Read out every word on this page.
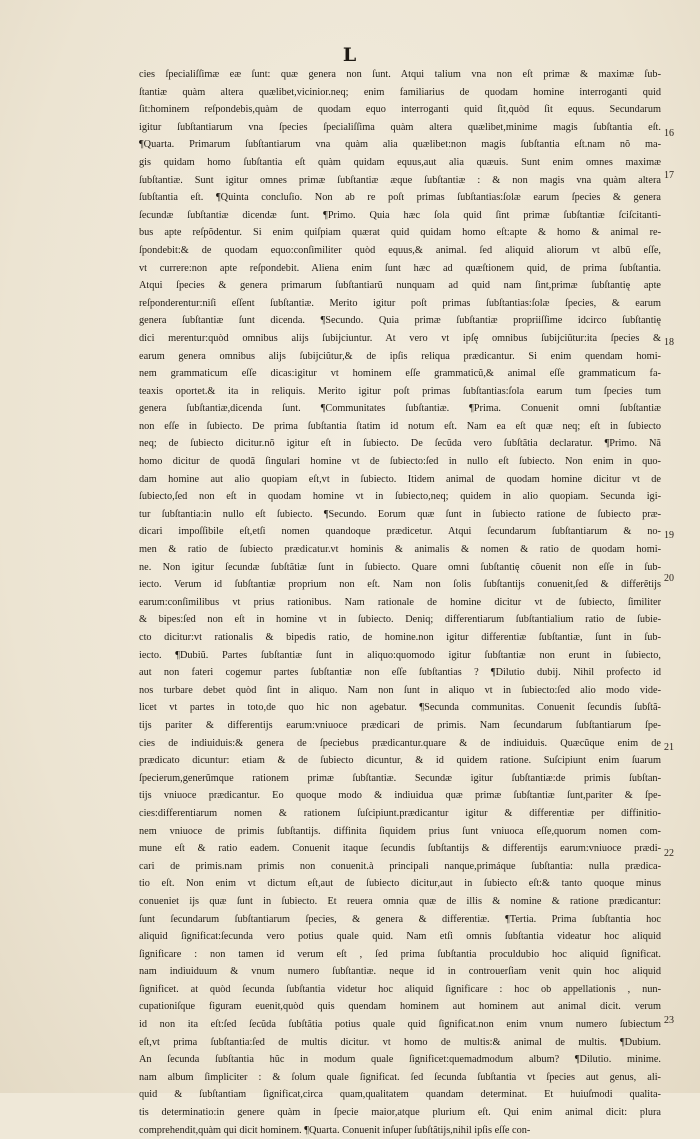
L
cies ſpecialiſſimæ eæ ſunt: quæ genera non ſunt. Atqui talium vna non eſt primæ & maximæ ſub-
ſtantiæ quàm altera quælibet,vicinior.neq; enim familiarius de quodam homine interroganti quid
ſit:hominem reſpondebis,quàm de quodam equo interroganti quid ſit,quòd ſit equus. Secundarum
igitur ſubſtantiarum vna ſpecies ſpecialiſſima quàm altera quælibet,minime magis ſubſtantia eſt.
¶Quarta. Primarum ſubſtantiarum vna quàm alia quælibet:non magis ſubſtantia eſt.nam nõ ma-
gis quidam homo ſubſtantia eſt quàm quidam equus,aut alia quæuis. Sunt enim omnes maximæ
ſubſtantiæ. Sunt igitur omnes primæ ſubſtantiæ æque ſubſtantiæ : & non magis vna quàm altera
ſubſtantia eſt. ¶Quinta concluſio. Non ab re poſt primas ſubſtantias:ſolæ earum ſpecies & genera
ſecundæ ſubſtantiæ dicendæ ſunt. ¶Primo. Quia hæc ſola quid ſint primæ ſubſtantiæ ſciſcitanti-
bus apte reſpõdentur. Si enim quiſpiam quærat quid quidam homo eſt:apte & homo & animal re-
ſpondebit:& de quodam equo:conſimiliter quòd equus,& animal. ſed aliquid aliorum vt albũ eſſe,
vt currere:non apte reſpondebit. Aliena enim ſunt hæc ad quæſtionem quid, de prima ſubſtantia.
Atqui ſpecies & genera primarum ſubſtantiarũ nunquam ad quid nam ſint,primæ ſubſtantię apte
reſponderentur:niſi eſſent ſubſtantiæ. Merito igitur poſt primas ſubſtantias:ſolæ ſpecies, & earum
genera ſubſtantiæ ſunt dicenda. ¶Secundo. Quia primæ ſubſtantiæ propriiſſime idcirco ſubſtantię
dici merentur:quòd omnibus alijs ſubijciuntur. At vero vt ipſę omnibus ſubijciũtur:ita ſpecies &
earum genera omnibus alijs ſubijciũtur,& de ipſis reliqua prædicantur. Si enim quendam homi-
nem grammaticum eſſe dicas:igitur vt hominem eſſe grammaticũ,& animal eſſe grammaticum fa-
teaxis oportet.& ita in reliquis. Merito igitur poſt primas ſubſtantias:ſola earum tum ſpecies tum
genera ſubſtantiæ,dicenda ſunt. ¶Communitates ſubſtantiæ. ¶Prima. Conuenit omni ſubſtantiæ
non eſſe in ſubiecto. De prima ſubſtantia ſtatim id notum eſt. Nam ea eſt quæ neq; eſt in ſubiecto
neq; de ſubiecto dicitur.nõ igitur eſt in ſubiecto. De ſecũda vero ſubſtãtia declaratur. ¶Primo. Nã
homo dicitur de quodã ſingulari homine vt de ſubiecto:ſed in nullo eſt ſubiecto. Non enim in quo-
dam homine aut alio quopiam eſt,vt in ſubiecto. Itidem animal de quodam homine dicitur vt de
ſubiecto,ſed non eſt in quodam homine vt in ſubiecto,neq; quidem in alio quopiam. Secunda igi-
tur ſubſtantia:in nullo eſt ſubiecto. ¶Secundo. Eorum quæ ſunt in ſubiecto ratione de ſubiecto præ-
dicari impoſſibile eſt,etſi nomen quandoque prædicetur. Atqui ſecundarum ſubſtantiarum & no-
men & ratio de ſubiecto prædicatur.vt hominis & animalis & nomen & ratio de quodam homi-
ne. Non igitur ſecundæ ſubſtãtiæ ſunt in ſubiecto. Quare omni ſubſtantię cõuenit non eſſe in ſub-
iecto. Verum id ſubſtantiæ proprium non eſt. Nam non ſolis ſubſtantijs conuenit,ſed & differẽtijs
earum:conſimilibus vt prius rationibus. Nam rationale de homine dicitur vt de ſubiecto, ſimiliter
& bipes:ſed non eſt in homine vt in ſubiecto. Deniq; differentiarum ſubſtantialium ratio de ſubie-
cto dicitur:vt rationalis & bipedis ratio, de homine.non igitur differentiæ ſubſtantiæ, ſunt in ſub-
iecto. ¶Dubiũ. Partes ſubſtantiæ ſunt in aliquo:quomodo igitur ſubſtantiæ non erunt in ſubiecto,
aut non fateri cogemur partes ſubſtantiæ non eſſe ſubſtantias ? ¶Dilutio dubij. Nihil profecto id
nos turbare debet quòd ſint in aliquo. Nam non ſunt in aliquo vt in ſubiecto:ſed alio modo vide-
licet vt partes in toto,de quo hic non agebatur. ¶Secunda communitas. Conuenit ſecundis ſubſtã-
tijs pariter & differentijs earum:vniuoce prædicari de primis. Nam ſecundarum ſubſtantiarum ſpe-
cies de indiuiduis:& genera de ſpeciebus prædicantur.quare & de indiuiduis. Quæcũque enim de
prædicato dicuntur: etiam & de ſubiecto dicuntur, & id quidem ratione. Suſcipiunt enim ſuarum
ſpecierum,generũmque rationem primæ ſubſtantiæ. Secundæ igitur ſubſtantiæ:de primis ſubſtan-
tijs vniuoce prædicantur. Eo quoque modo & indiuidua quæ primæ ſubſtantiæ ſunt,pariter & ſpe-
cies:differentiarum nomen & rationem ſuſcipiunt.prædicantur igitur & differentiæ per diffinitio-
nem vniuoce de primis ſubſtantijs. diffinita ſiquidem prius ſunt vniuoca eſſe,quorum nomen com-
mune eſt & ratio eadem. Conuenit itaque ſecundis ſubſtantijs & differentijs earum:vniuoce prædi-
cari de primis.nam primis non conuenit.à principali nanque,primáque ſubſtantia: nulla prædica-
tio eſt. Non enim vt dictum eſt,aut de ſubiecto dicitur,aut in ſubiecto eſt:& tanto quoque minus
conueniet ijs quæ ſunt in ſubiecto. Et reuera omnia quæ de illis & nomine & ratione prædicantur:
ſunt ſecundarum ſubſtantiarum ſpecies, & genera & differentiæ. ¶Tertia. Prima ſubſtantia hoc
aliquid ſignificat:ſecunda vero potius quale quid. Nam etſi omnis ſubſtantia videatur hoc aliquid
ſignificare : non tamen id verum eſt , ſed prima ſubſtantia proculdubio hoc aliquid ſignificat.
nam indiuiduum & vnum numero ſubſtantiæ. neque id in controuerſiam venit quin hoc aliquid
ſignificet. at quòd ſecunda ſubſtantia videtur hoc aliquid ſignificare : hoc ob appellationis , nun-
cupationiſque figuram euenit,quòd quis quendam hominem aut hominem aut animal dicit. verum
id non ita eſt:ſed ſecũda ſubſtãtia potius quale quid ſignificat.non enim vnum numero ſubiectum
eſt,vt prima ſubſtantia:ſed de multis dicitur. vt homo de multis:& animal de multis. ¶Dubium.
An ſecunda ſubſtantia hũc in modum quale ſignificet:quemadmodum album? ¶Dilutio. minime.
nam album ſimpliciter : & ſolum quale ſignificat. ſed ſecunda ſubſtantia vt ſpecies aut genus, ali-
quid & ſubſtantiam ſignificat,circa quam,qualitatem quandam determinat. Et huiuſmodi qualita-
tis determinatio:in genere quàm in ſpecie maior,atque plurium eſt. Qui enim animal dicit: plura
comprehendit,quàm qui dicit hominem. ¶Quarta. Conuenit inſuper ſubſtãtijs,nihil ipſis eſſe con-
16
17
18
19
20
21
22
23
